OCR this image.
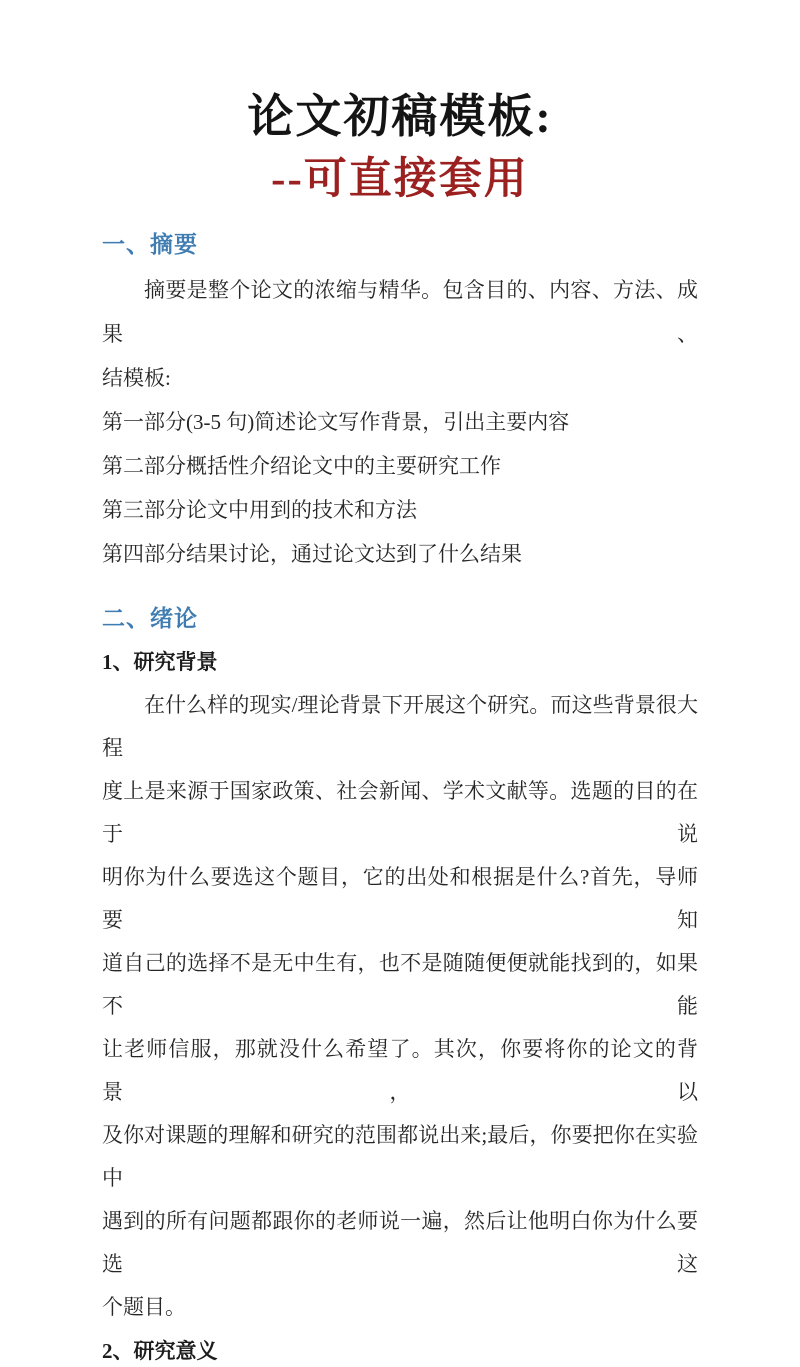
论文初稿模板:
--可直接套用
一、摘要

摘要是整个论文的浓缩与精华。包含目的、内容、方法、成果、

结模板:

第一部分(3-5 句)简述论文写作背景，引出主要内容

第二部分概括性介绍论文中的主要研究工作

第三部分论文中用到的技术和方法

第四部分结果讨论，通过论文达到了什么结果

二、绪论
1、研究背景

在什么样的现实/理论背景下开展这个研究。而这些背景很大程

度上是来源于国家政策、社会新闻、学术文献等。选题的目的在于说

明你为什么要选这个题目，它的出处和根据是什么?首先，导师要知

道自己的选择不是无中生有，也不是随随便便就能找到的，如果不能

让老师信服，那就没什么希望了。其次，你要将你的论文的背景，以

及你对课题的理解和研究的范围都说出来;最后，你要把你在实验中

遇到的所有问题都跟你的老师说一遍，然后让他明白你为什么要选这

个题目。

2、研究意义
